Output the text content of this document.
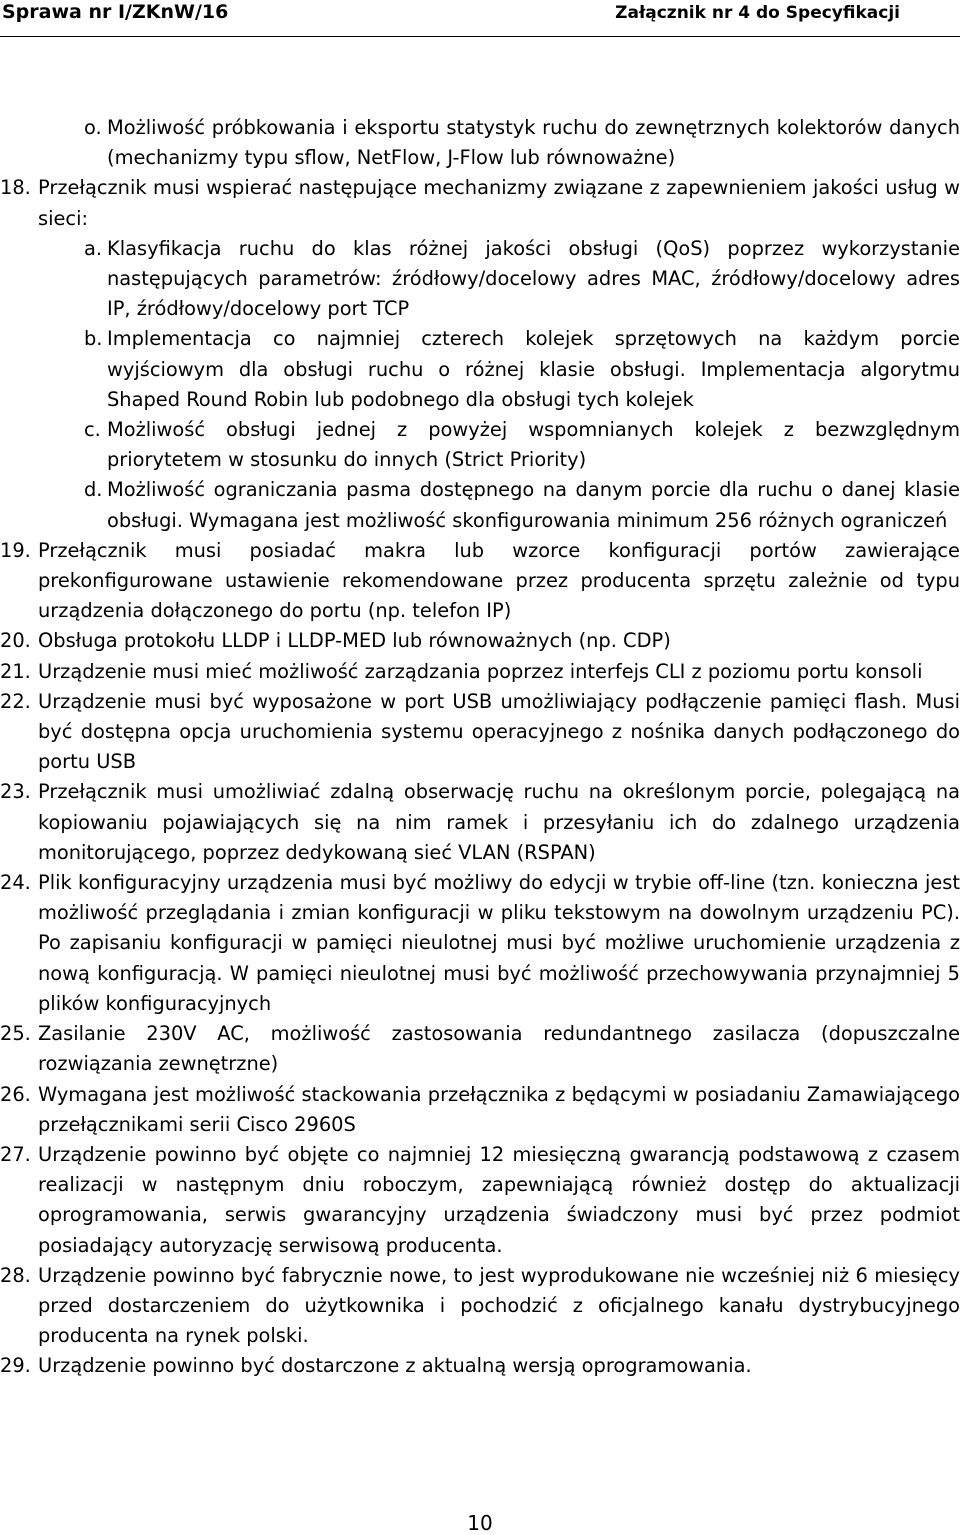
Sprawa nr I/ZKnW/16	Załącznik nr 4 do Specyfikacji
o. Możliwość próbkowania i eksportu statystyk ruchu do zewnętrznych kolektorów danych (mechanizmy typu sflow, NetFlow, J-Flow lub równoważne)
18. Przełącznik musi wspierać następujące mechanizmy związane z zapewnieniem jakości usług w sieci:
a. Klasyfikacja ruchu do klas różnej jakości obsługi (QoS) poprzez wykorzystanie następujących parametrów: źródłowy/docelowy adres MAC, źródłowy/docelowy adres IP, źródłowy/docelowy port TCP
b. Implementacja co najmniej czterech kolejek sprzętowych na każdym porcie wyjściowym dla obsługi ruchu o różnej klasie obsługi. Implementacja algorytmu Shaped Round Robin lub podobnego dla obsługi tych kolejek
c. Możliwość obsługi jednej z powyżej wspomnianych kolejek z bezwzględnym priorytetem w stosunku do innych (Strict Priority)
d. Możliwość ograniczania pasma dostępnego na danym porcie dla ruchu o danej klasie obsługi. Wymagana jest możliwość skonfigurowania minimum 256 różnych ograniczeń
19. Przełącznik musi posiadać makra lub wzorce konfiguracji portów zawierające prekonfigurowane ustawienie rekomendowane przez producenta sprzętu zależnie od typu urządzenia dołączonego do portu (np. telefon IP)
20. Obsługa protokołu LLDP i LLDP-MED lub równoważnych (np. CDP)
21. Urządzenie musi mieć możliwość zarządzania poprzez interfejs CLI z poziomu portu konsoli
22. Urządzenie musi być wyposażone w port USB umożliwiający podłączenie pamięci flash. Musi być dostępna opcja uruchomienia systemu operacyjnego z nośnika danych podłączonego do portu USB
23. Przełącznik musi umożliwiać zdalną obserwację ruchu na określonym porcie, polegającą na kopiowaniu pojawiających się na nim ramek i przesyłaniu ich do zdalnego urządzenia monitorującego, poprzez dedykowaną sieć VLAN (RSPAN)
24. Plik konfiguracyjny urządzenia musi być możliwy do edycji w trybie off-line (tzn. konieczna jest możliwość przeglądania i zmian konfiguracji w pliku tekstowym na dowolnym urządzeniu PC). Po zapisaniu konfiguracji w pamięci nieulotnej musi być możliwe uruchomienie urządzenia z nową konfiguracją. W pamięci nieulotnej musi być możliwość przechowywania przynajmniej 5 plików konfiguracyjnych
25. Zasilanie 230V AC, możliwość zastosowania redundantnego zasilacza (dopuszczalne rozwiązania zewnętrzne)
26. Wymagana jest możliwość stackowania przełącznika z będącymi w posiadaniu Zamawiającego przełącznikami serii Cisco 2960S
27. Urządzenie powinno być objęte co najmniej 12 miesięczną gwarancją podstawową z czasem realizacji w następnym dniu roboczym, zapewniającą również dostęp do aktualizacji oprogramowania, serwis gwarancyjny urządzenia świadczony musi być przez podmiot posiadający autoryzację serwisową producenta.
28. Urządzenie powinno być fabrycznie nowe, to jest wyprodukowane nie wcześniej niż 6 miesięcy przed dostarczeniem do użytkownika i pochodzić z oficjalnego kanału dystrybucyjnego producenta na rynek polski.
29. Urządzenie powinno być dostarczone z aktualną wersją oprogramowania.
10
